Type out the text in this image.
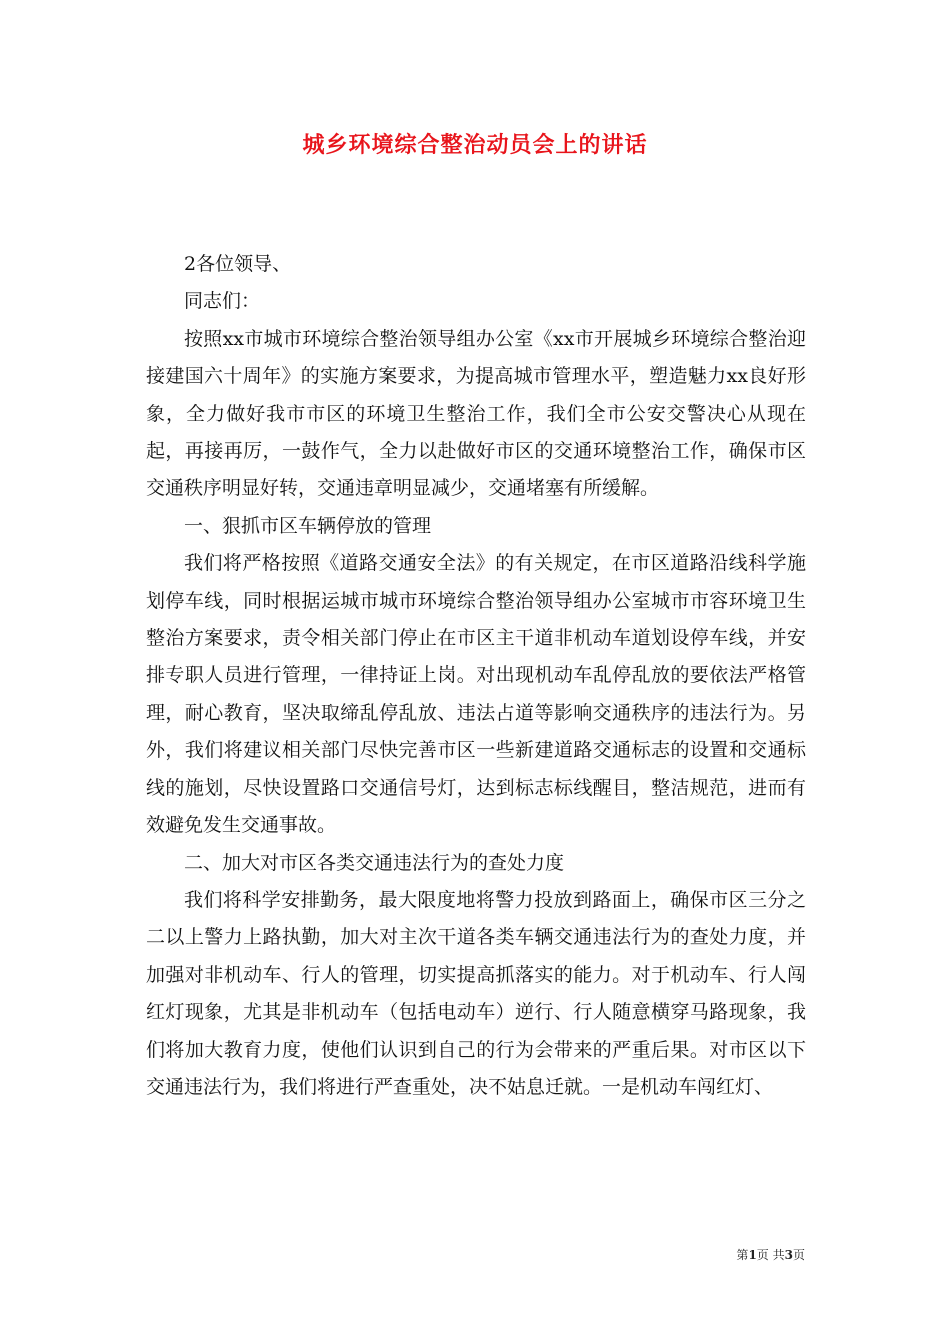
城乡环境综合整治动员会上的讲话

2各位领导、

同志们：

按照xx市城市环境综合整治领导组办公室《xx市开展城乡环境综合整治迎接建国六十周年》的实施方案要求，为提高城市管理水平，塑造魅力xx良好形象，全力做好我市市区的环境卫生整治工作，我们全市公安交警决心从现在起，再接再厉，一鼓作气，全力以赴做好市区的交通环境整治工作，确保市区交通秩序明显好转，交通违章明显减少，交通堵塞有所缓解。

一、狠抓市区车辆停放的管理

我们将严格按照《道路交通安全法》的有关规定，在市区道路沿线科学施划停车线，同时根据运城市城市环境综合整治领导组办公室城市市容环境卫生整治方案要求，责令相关部门停止在市区主干道非机动车道划设停车线，并安排专职人员进行管理，一律持证上岗。对出现机动车乱停乱放的要依法严格管理，耐心教育，坚决取缔乱停乱放、违法占道等影响交通秩序的违法行为。另外，我们将建议相关部门尽快完善市区一些新建道路交通标志的设置和交通标线的施划，尽快设置路口交通信号灯，达到标志标线醒目，整洁规范，进而有效避免发生交通事故。

二、加大对市区各类交通违法行为的查处力度

我们将科学安排勤务，最大限度地将警力投放到路面上，确保市区三分之二以上警力上路执勤，加大对主次干道各类车辆交通违法行为的查处力度，并加强对非机动车、行人的管理，切实提高抓落实的能力。对于机动车、行人闯红灯现象，尤其是非机动车（包括电动车）逆行、行人随意横穿马路现象，我们将加大教育力度，使他们认识到自己的行为会带来的严重后果。对市区以下交通违法行为，我们将进行严查重处，决不姑息迁就。一是机动车闯红灯、

第1页 共3页
